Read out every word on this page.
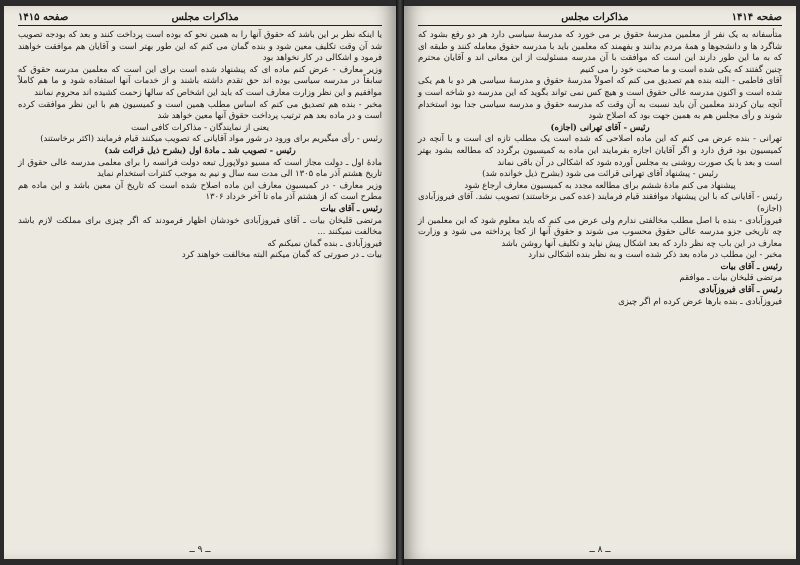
صفحه ۱۴۱۴
مذاکرات مجلس

متأسفانه به یک نفر از معلمین مدرسهٔ حقوق بر می خورد که مدرسهٔ سیاسی دارد هر دو رفع بشود که شاگرد ها و دانشجوها و همهٔ مردم بدانند و بفهمند که معلمین باید با مدرسه حقوق معامله کنند و طبقه ای که به ما این طور دارند این است که موافقت با آن مدرسه مسئولیت از این معانی اند و آقایان محترم چنین گفتند که یکی شده است و ما صحبت خود را می کنیم

آقای فاطمی - البته بنده هم تصدیق می کنم که اصولاً مدرسهٔ حقوق و مدرسهٔ سیاسی هر دو با هم یکی شده است و اکنون مدرسه عالی حقوق است و هیچ کس نمی تواند بگوید که این مدرسه دو شاخه است و آنچه بیان کردند معلمین آن باید نسبت به آن وقت که مدرسه حقوق و مدرسه سیاسی جدا بود استخدام شوند و رأی مجلس هم به همین جهت بود که اصلاح شود

رئیس - آقای تهرانی (اجازه)

تهرانی - بنده عرض می کنم که این ماده اصلاحی که شده است یک مطلب تازه ای است و با آنچه در کمیسیون بود فرق دارد و اگر آقایان اجازه بفرمایند این ماده به کمیسیون برگردد که مطالعه بشود بهتر است و بعد با یک صورت روشنی به مجلس آورده شود که اشکالی در آن باقی نماند

رئیس - پیشنهاد آقای تهرانی قرائت می شود (بشرح ذیل خوانده شد)

پیشنهاد می کنم مادهٔ ششم برای مطالعه مجدد به کمیسیون معارف ارجاع شود

رئیس - آقایانی که با این پیشنهاد موافقند قیام فرمایند (عده کمی برخاستند) تصویب نشد. آقای فیروزآبادی (اجازه)

فیروزآبادی - بنده با اصل مطلب مخالفتی ندارم ولی عرض می کنم که باید معلوم شود که این معلمین از چه تاریخی جزو مدرسه عالی حقوق محسوب می شوند و حقوق آنها از کجا پرداخته می شود و وزارت معارف در این باب چه نظر دارد که بعد اشکال پیش نیاید و تکلیف آنها روشن باشد

مخبر - این مطلب در ماده بعد ذکر شده است و به نظر بنده اشکالی ندارد

رئیس ـ آقای بیات

مرتضی قلیخان بیات ـ موافقم

رئیس ـ آقای فیروزآبادی

فیروزآبادی ـ بنده بارها عرض کرده ام اگر چیزی

ــ ۸ ــ
مذاکرات مجلس
صفحه ۱۴۱۵

یا اینکه نظر بر این باشد که حقوق آنها را به همین نحو که بوده است پرداخت کنند و بعد که بودجه تصویب شد آن وقت تکلیف معین شود و بنده گمان می کنم که این طور بهتر است و آقایان هم موافقت خواهند فرمود و اشکالی در کار نخواهد بود

وزیر معارف - عرض کنم ماده ای که پیشنهاد شده است برای این است که معلمین مدرسه حقوق که سابقاً در مدرسه سیاسی بوده اند حق تقدم داشته باشند و از خدمات آنها استفاده شود و ما هم کاملاً موافقیم و این نظر وزارت معارف است که باید این اشخاص که سالها زحمت کشیده اند محروم نمانند

مخبر - بنده هم تصدیق می کنم که اساس مطلب همین است و کمیسیون هم با این نظر موافقت کرده است و در ماده بعد هم ترتیب پرداخت حقوق آنها معین خواهد شد

یعنی از نمایندگان - مذاکرات کافی است

رئیس - رأی میگیریم برای ورود در شور مواد آقایانی که تصویب میکنند قیام فرمایند (اکثر برخاستند)

رئیس - تصویب شد ـ مادهٔ اول (بشرح ذیل قرائت شد)

مادهٔ اول ـ دولت مجاز است که مسیو دولاپورل تبعه دولت فرانسه را برای معلمی مدرسه عالی حقوق از تاریخ هشتم آذر ماه ۱۳۰۵ الی مدت سه سال و نیم به موجب کنترات استخدام نماید

وزیر معارف - در کمیسیون معارف این ماده اصلاح شده است که تاریخ آن معین باشد و این ماده هم مطرح است که از هشتم آذر ماه تا آخر خرداد ۱۳۰۶

رئیس ـ آقای بیات

مرتضی قلیخان بیات ـ آقای فیروزآبادی خودشان اظهار فرمودند که اگر چیزی برای مملکت لازم باشد مخالفت نمیکنند ...

فیروزآبادی ـ بنده گمان نمیکنم که

بیات ـ در صورتی که گمان میکنم البته مخالفت خواهند کرد

ــ ۹ ــ
